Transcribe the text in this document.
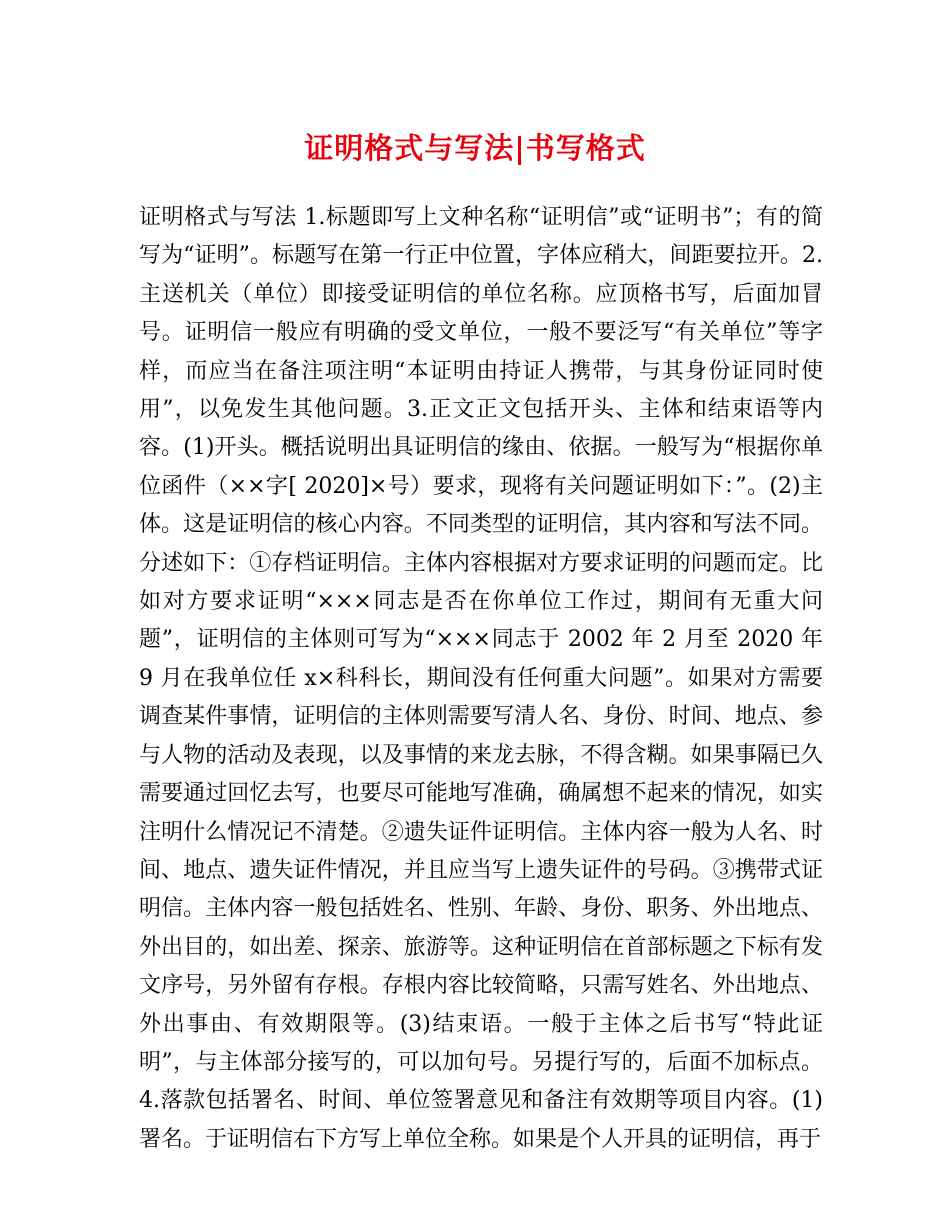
证明格式与写法|书写格式

证明格式与写法 1.标题即写上文种名称“证明信”或“证明书”；有的简写为“证明”。标题写在第一行正中位置，字体应稍大，间距要拉开。2.主送机关（单位）即接受证明信的单位名称。应顶格书写，后面加冒号。证明信一般应有明确的受文单位，一般不要泛写“有关单位”等字样，而应当在备注项注明“本证明由持证人携带，与其身份证同时使用”，以免发生其他问题。3.正文正文包括开头、主体和结束语等内容。(1)开头。概括说明出具证明信的缘由、依据。一般写为“根据你单位函件（××字[ 2020]×号）要求，现将有关问题证明如下：”。(2)主体。这是证明信的核心内容。不同类型的证明信，其内容和写法不同。分述如下：①存档证明信。主体内容根据对方要求证明的问题而定。比如对方要求证明“×××同志是否在你单位工作过，期间有无重大问题”，证明信的主体则可写为“×××同志于 2002 年 2 月至 2020 年 9 月在我单位任 x×科科长，期间没有任何重大问题”。如果对方需要调查某件事情，证明信的主体则需要写清人名、身份、时间、地点、参与人物的活动及表现，以及事情的来龙去脉，不得含糊。如果事隔已久需要通过回忆去写，也要尽可能地写准确，确属想不起来的情况，如实注明什么情况记不清楚。②遗失证件证明信。主体内容一般为人名、时间、地点、遗失证件情况，并且应当写上遗失证件的号码。③携带式证明信。主体内容一般包括姓名、性别、年龄、身份、职务、外出地点、外出目的，如出差、探亲、旅游等。这种证明信在首部标题之下标有发文序号，另外留有存根。存根内容比较简略，只需写姓名、外出地点、外出事由、有效期限等。(3)结束语。一般于主体之后书写“特此证明”，与主体部分接写的，可以加句号。另提行写的，后面不加标点。4.落款包括署名、时间、单位签署意见和备注有效期等项目内容。(1)署名。于证明信右下方写上单位全称。如果是个人开具的证明信，再于
